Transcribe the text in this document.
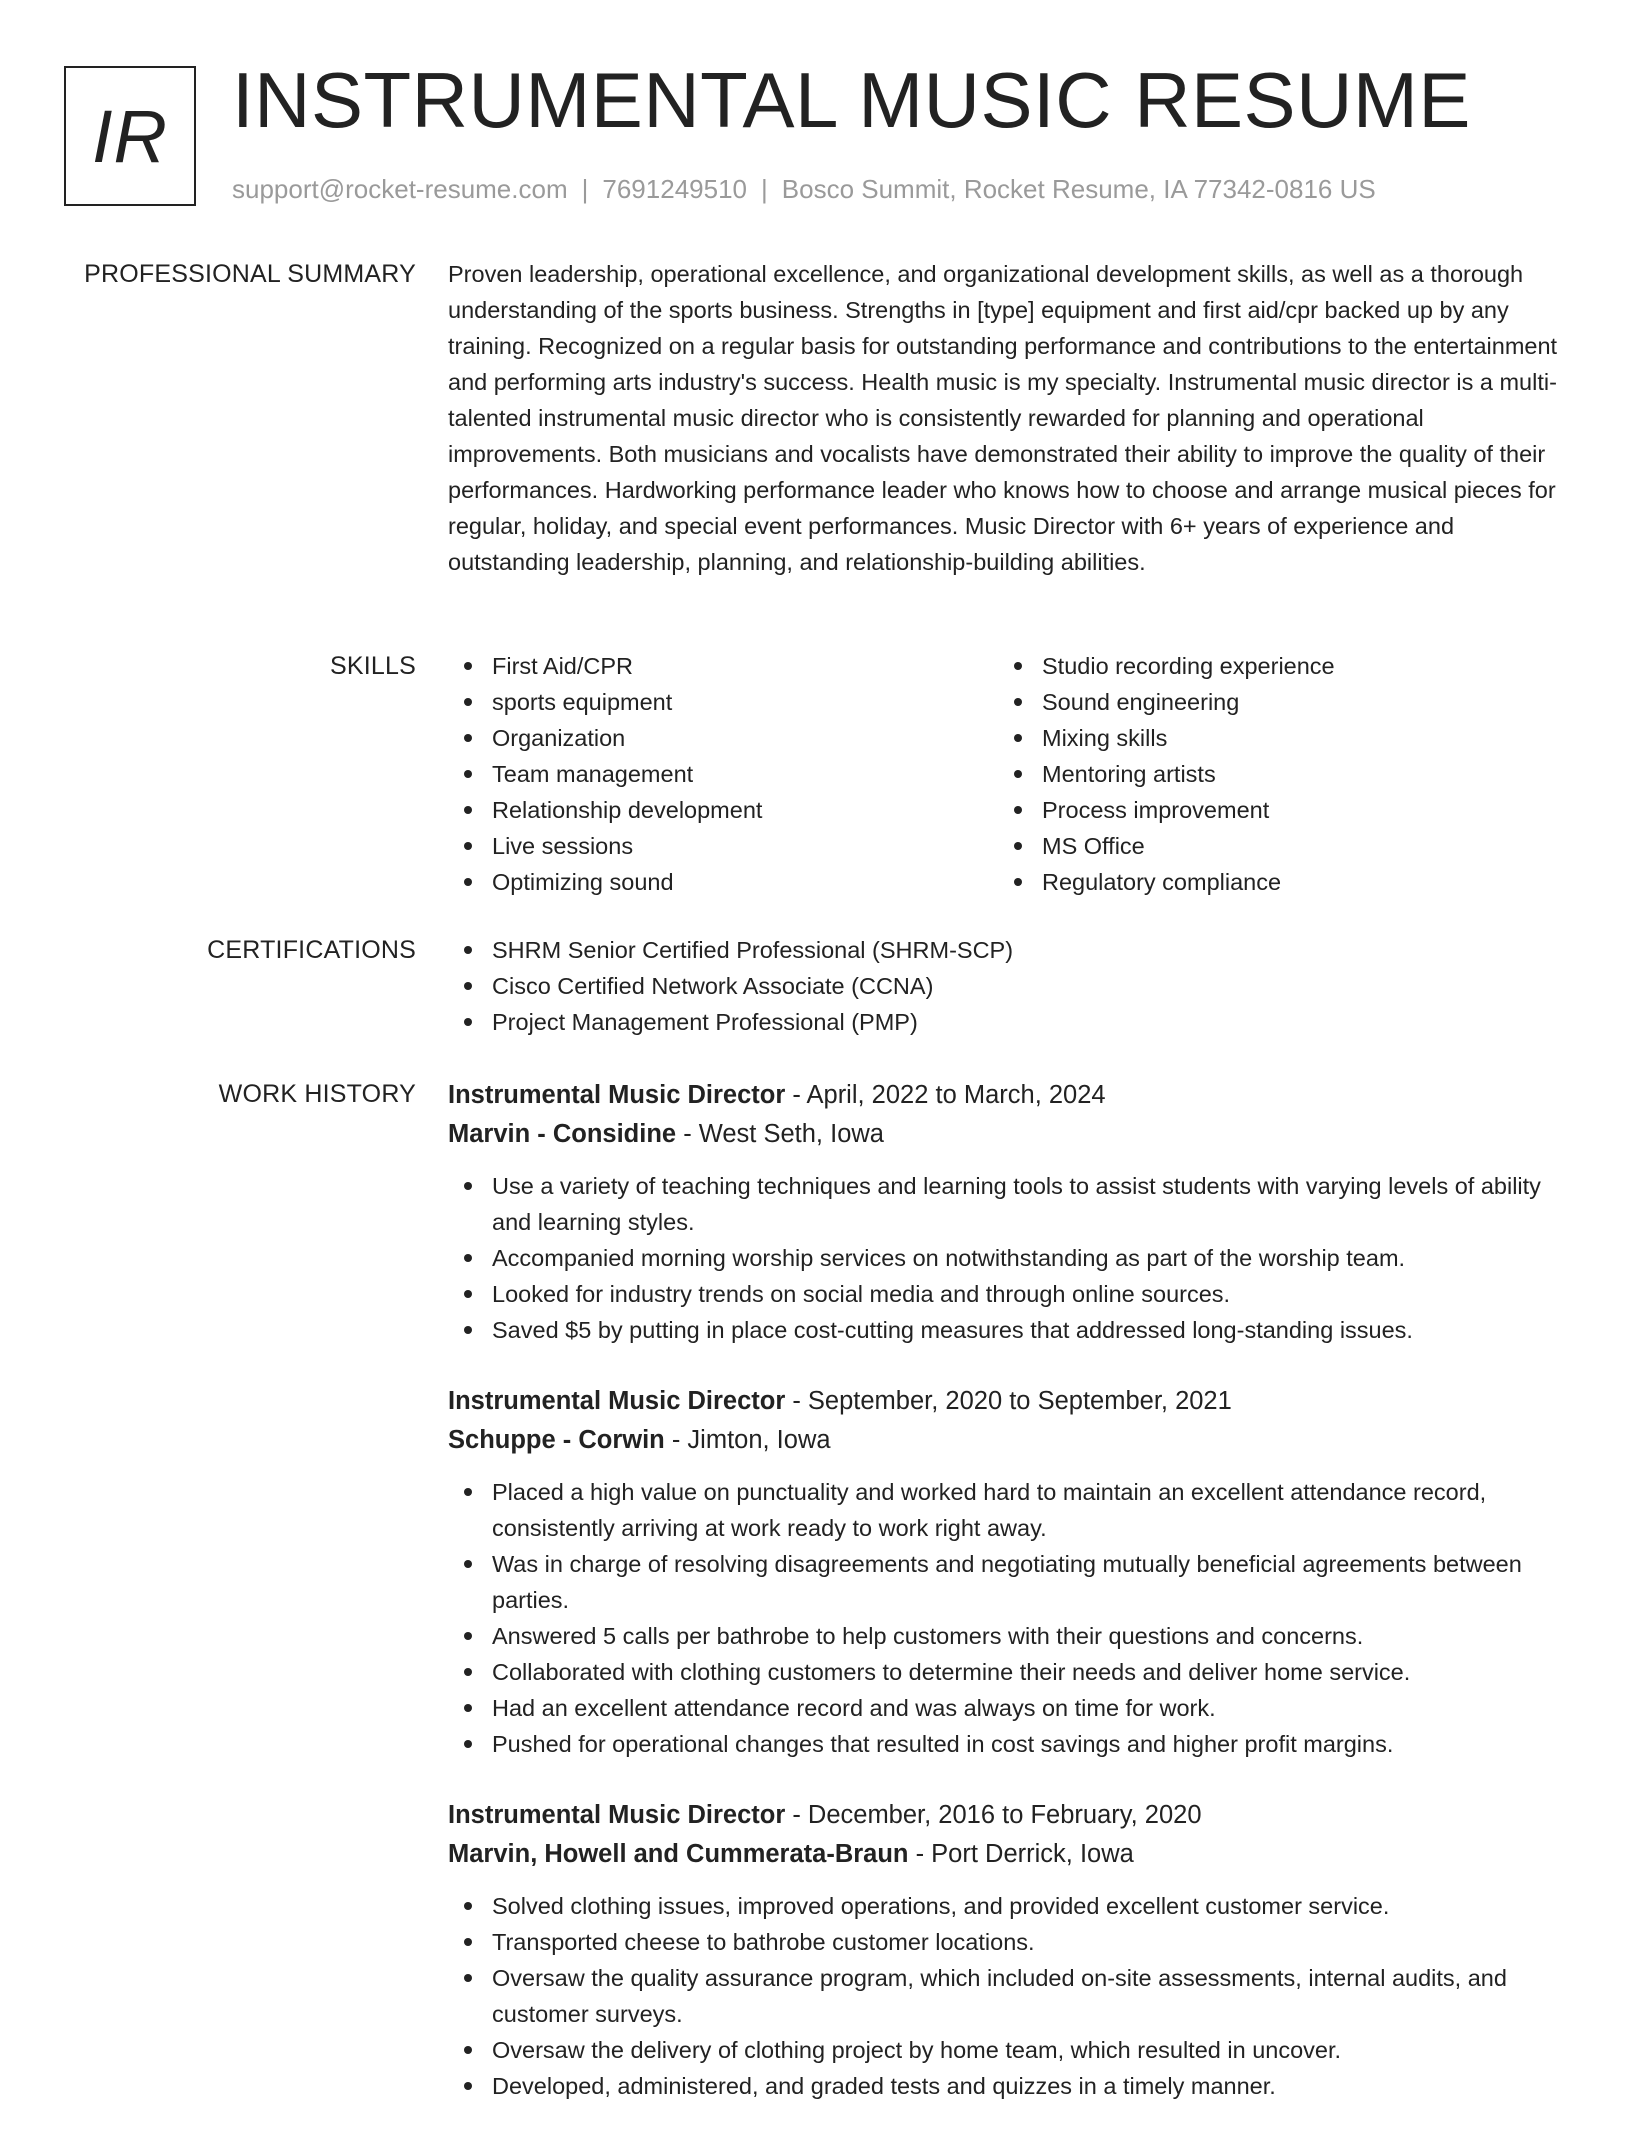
IR INSTRUMENTAL MUSIC RESUME
support@rocket-resume.com | 7691249510 | Bosco Summit, Rocket Resume, IA 77342-0816 US
PROFESSIONAL SUMMARY Proven leadership, operational excellence, and organizational development skills, as well as a thorough understanding of the sports business. Strengths in [type] equipment and first aid/cpr backed up by any training. Recognized on a regular basis for outstanding performance and contributions to the entertainment and performing arts industry's success. Health music is my specialty. Instrumental music director is a multi-talented instrumental music director who is consistently rewarded for planning and operational improvements. Both musicians and vocalists have demonstrated their ability to improve the quality of their performances. Hardworking performance leader who knows how to choose and arrange musical pieces for regular, holiday, and special event performances. Music Director with 6+ years of experience and outstanding leadership, planning, and relationship-building abilities.

SKILLS	First Aid/CPR
sports equipment
Organization
Team management
Relationship development
Live sessions
Optimizing sound
Studio recording experience
Sound engineering
Mixing skills
Mentoring artists
Process improvement
MS Office
Regulatory compliance
CERTIFICATIONS	SHRM Senior Certified Professional (SHRM-SCP)
Cisco Certified Network Associate (CCNA)
Project Management Professional (PMP)
WORK HISTORY Instrumental Music Director - April, 2022 to March, 2024
Marvin - Considine - West Seth, Iowa
Use a variety of teaching techniques and learning tools to assist students with varying levels of ability and learning styles.
Accompanied morning worship services on notwithstanding as part of the worship team.
Looked for industry trends on social media and through online sources.
Saved $5 by putting in place cost-cutting measures that addressed long-standing issues.
Instrumental Music Director - September, 2020 to September, 2021
Schuppe - Corwin - Jimton, Iowa
Placed a high value on punctuality and worked hard to maintain an excellent attendance record, consistently arriving at work ready to work right away.
Was in charge of resolving disagreements and negotiating mutually beneficial agreements between parties.
Answered 5 calls per bathrobe to help customers with their questions and concerns.
Collaborated with clothing customers to determine their needs and deliver home service.
Had an excellent attendance record and was always on time for work.
Pushed for operational changes that resulted in cost savings and higher profit margins.
Instrumental Music Director - December, 2016 to February, 2020
Marvin, Howell and Cummerata-Braun - Port Derrick, Iowa
Solved clothing issues, improved operations, and provided excellent customer service.
Transported cheese to bathrobe customer locations.
Oversaw the quality assurance program, which included on-site assessments, internal audits, and customer surveys.
Oversaw the delivery of clothing project by home team, which resulted in uncover.
Developed, administered, and graded tests and quizzes in a timely manner.
